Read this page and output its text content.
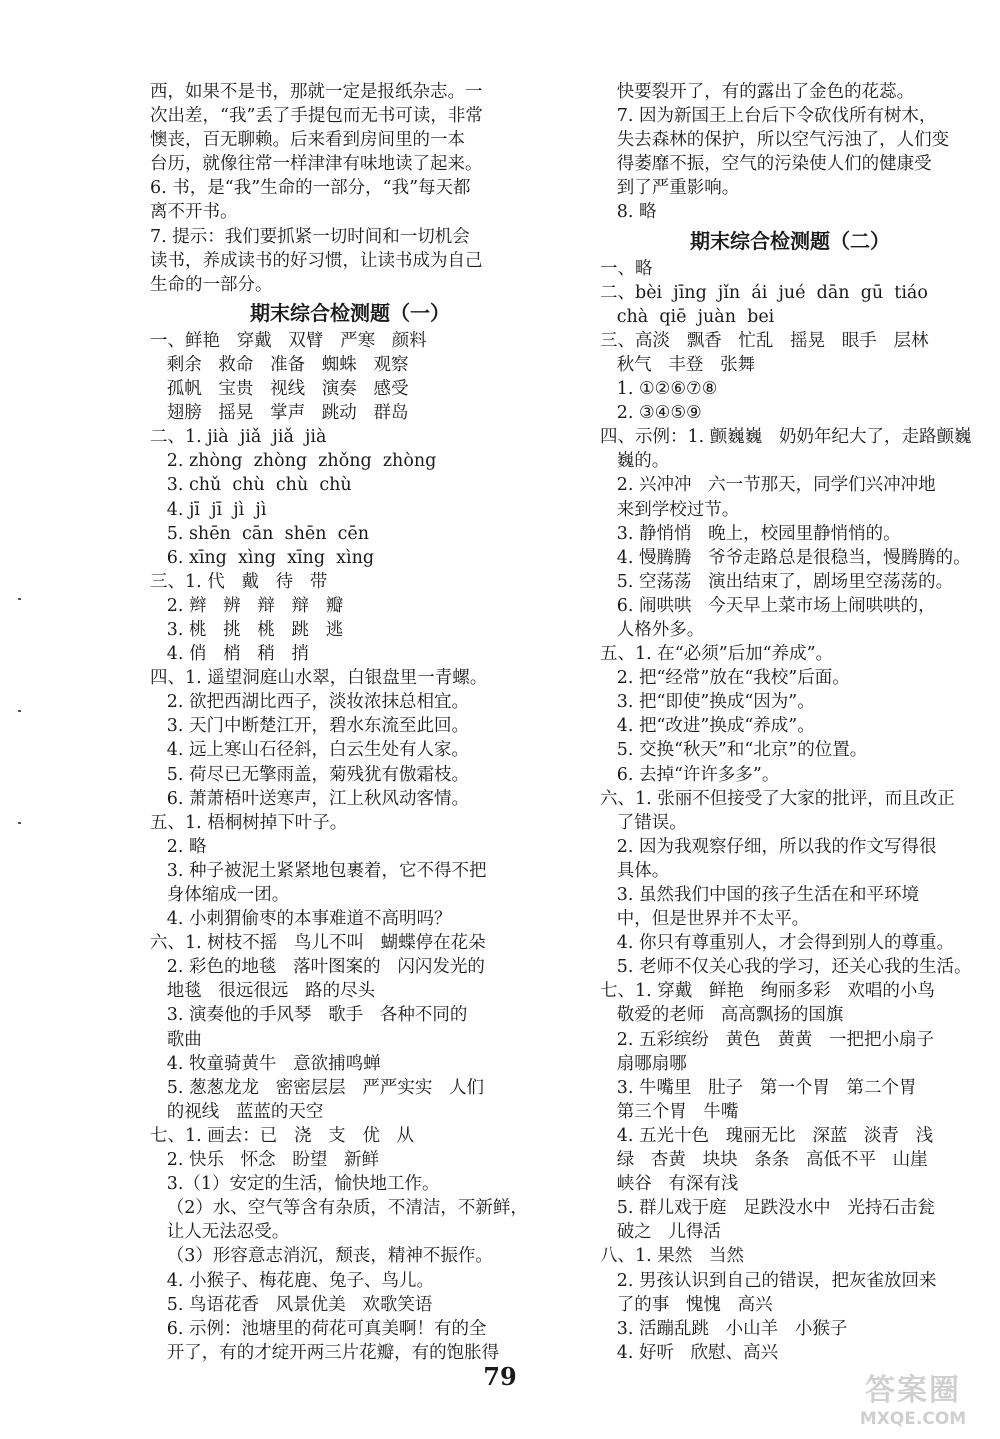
西，如果不是书，那就一定是报纸杂志。一
次出差，“我”丢了手提包而无书可读，非常
懊丧，百无聊赖。后来看到房间里的一本
台历，就像往常一样津津有味地读了起来。
6. 书，是“我”生命的一部分，“我”每天都
离不开书。
7. 提示：我们要抓紧一切时间和一切机会
读书，养成读书的好习惯，让读书成为自己
生命的一部分。
期末综合检测题（一）
一、鲜艳   穿戴   双臂   严寒   颜料
剩余   救命   准备   蜘蛛   观察
孤帆   宝贵   视线   演奏   感受
翅膀   摇晃   掌声   跳动   群岛
二、1. jià  jiǎ  jiǎ  jià
2. zhòng  zhòng  zhǒng  zhòng
3. chǔ  chù  chù  chù
4. jī  jī  jì  jì
5. shēn  cān  shēn  cēn
6. xīng  xìng  xīng  xìng
三、1. 代   戴   待   带
2. 辫   辨   辩   辩   瓣
3. 桃   挑   桃   跳   逃
4. 俏   梢   稍   捎
四、1. 遥望洞庭山水翠，白银盘里一青螺。
2. 欲把西湖比西子，淡妆浓抹总相宜。
3. 天门中断楚江开，碧水东流至此回。
4. 远上寒山石径斜，白云生处有人家。
5. 荷尽已无擎雨盖，菊残犹有傲霜枝。
6. 萧萧梧叶送寒声，江上秋风动客情。
五、1. 梧桐树掉下叶子。
2. 略
3. 种子被泥土紧紧地包裹着，它不得不把
身体缩成一团。
4. 小刺猬偷枣的本事难道不高明吗？
六、1. 树枝不摇   鸟儿不叫   蝴蝶停在花朵
2. 彩色的地毯   落叶图案的   闪闪发光的
地毯   很远很远   路的尽头
3. 演奏他的手风琴   歌手   各种不同的
歌曲
4. 牧童骑黄牛   意欲捕鸣蝉
5. 葱葱龙龙   密密层层   严严实实   人们
的视线   蓝蓝的天空
七、1. 画去：已   浇   支   优   从
2. 快乐   怀念   盼望   新鲜
3.（1）安定的生活，愉快地工作。
（2）水、空气等含有杂质，不清洁，不新鲜，
让人无法忍受。
（3）形容意志消沉，颓丧，精神不振作。
4. 小猴子、梅花鹿、兔子、鸟儿。
5. 鸟语花香   风景优美   欢歌笑语
6. 示例：池塘里的荷花可真美啊！有的全
开了，有的才绽开两三片花瓣，有的饱胀得
快要裂开了，有的露出了金色的花蕊。
7. 因为新国王上台后下令砍伐所有树木，
失去森林的保护，所以空气污浊了，人们变
得萎靡不振，空气的污染使人们的健康受
到了严重影响。
8. 略
期末综合检测题（二）
一、略
二、bèi  jīng  jǐn  ái  jué  dān  gū  tiáo
chà  qiē  juàn  bei
三、高淡   飘香   忙乱   摇晃   眼手   层林
秋气   丰登   张舞
1. ①②⑥⑦⑧
2. ③④⑤⑨
四、示例：1. 颤巍巍   奶奶年纪大了，走路颤巍
巍的。
2. 兴冲冲   六一节那天，同学们兴冲冲地
来到学校过节。
3. 静悄悄   晚上，校园里静悄悄的。
4. 慢腾腾   爷爷走路总是很稳当，慢腾腾的。
5. 空荡荡   演出结束了，剧场里空荡荡的。
6. 闹哄哄   今天早上菜市场上闹哄哄的，
人格外多。
五、1. 在“必须”后加“养成”。
2. 把“经常”放在“我校”后面。
3. 把“即使”换成“因为”。
4. 把“改进”换成“养成”。
5. 交换“秋天”和“北京”的位置。
6. 去掉“许许多多”。
六、1. 张丽不但接受了大家的批评，而且改正
了错误。
2. 因为我观察仔细，所以我的作文写得很
具体。
3. 虽然我们中国的孩子生活在和平环境
中，但是世界并不太平。
4. 你只有尊重别人，才会得到别人的尊重。
5. 老师不仅关心我的学习，还关心我的生活。
七、1. 穿戴   鲜艳   绚丽多彩   欢唱的小鸟
敬爱的老师   高高飘扬的国旗
2. 五彩缤纷   黄色   黄黄   一把把小扇子
扇哪扇哪
3. 牛嘴里   肚子   第一个胃   第二个胃
第三个胃   牛嘴
4. 五光十色   瑰丽无比   深蓝   淡青   浅
绿   杏黄   块块   条条   高低不平   山崖
峡谷   有深有浅
5. 群儿戏于庭   足跌没水中   光持石击瓮
破之   儿得活
八、1. 果然   当然
2. 男孩认识到自己的错误，把灰雀放回来
了的事   愧愧   高兴
3. 活蹦乱跳   小山羊   小猴子
4. 好听   欣慰、高兴
79	答案圈
MXQE.COM
